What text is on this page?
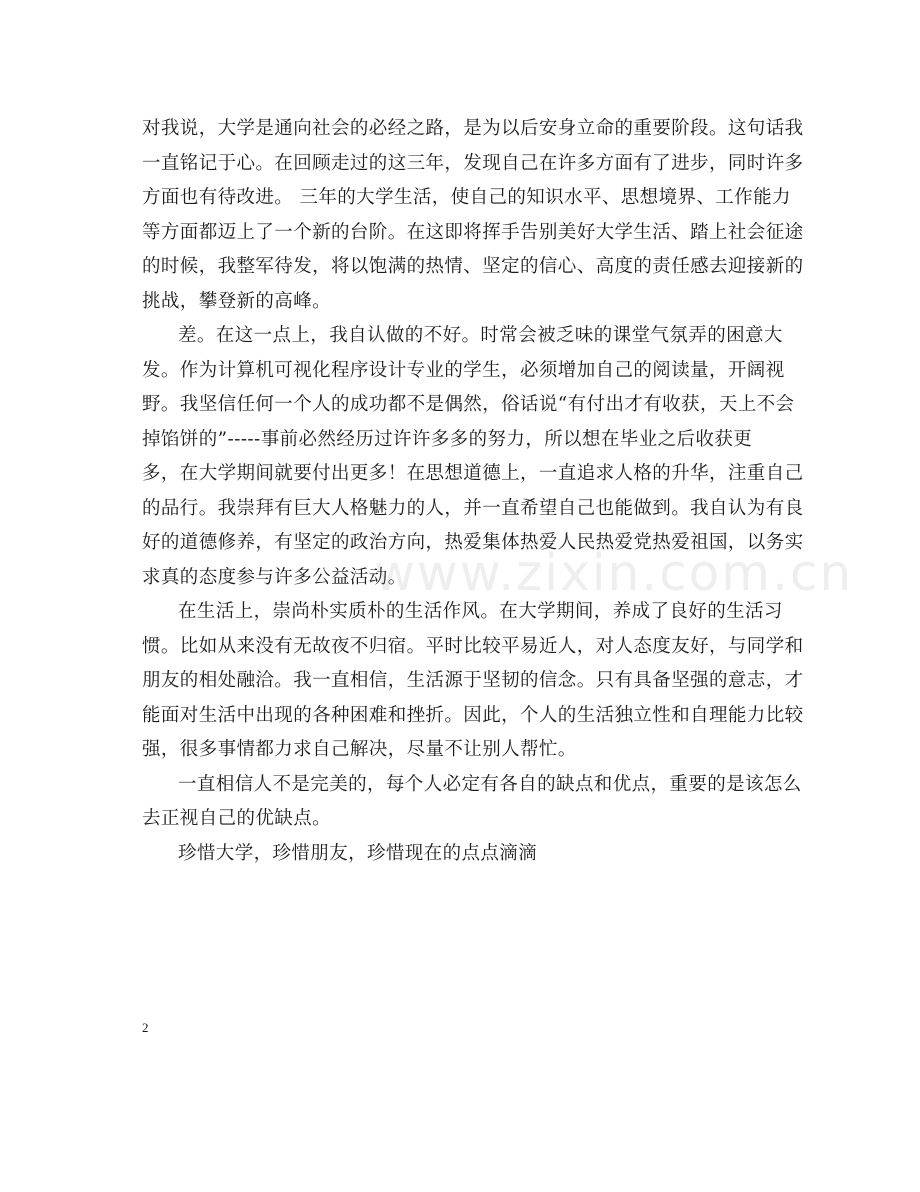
对我说，大学是通向社会的必经之路，是为以后安身立命的重要阶段。这句话我
一直铭记于心。在回顾走过的这三年，发现自己在许多方面有了进步，同时许多
方面也有待改进。 三年的大学生活，使自己的知识水平、思想境界、工作能力
等方面都迈上了一个新的台阶。在这即将挥手告别美好大学生活、踏上社会征途
的时候，我整军待发，将以饱满的热情、坚定的信心、高度的责任感去迎接新的
挑战，攀登新的高峰。
差。在这一点上，我自认做的不好。时常会被乏味的课堂气氛弄的困意大
发。作为计算机可视化程序设计专业的学生，必须增加自己的阅读量，开阔视
野。我坚信任何一个人的成功都不是偶然，俗话说“有付出才有收获，天上不会
掉馅饼的”-----事前必然经历过许许多多的努力，所以想在毕业之后收获更
多，在大学期间就要付出更多！在思想道德上，一直追求人格的升华，注重自己
的品行。我崇拜有巨大人格魅力的人，并一直希望自己也能做到。我自认为有良
好的道德修养，有坚定的政治方向，热爱集体热爱人民热爱党热爱祖国，以务实
求真的态度参与许多公益活动。
在生活上，崇尚朴实质朴的生活作风。在大学期间，养成了良好的生活习
惯。比如从来没有无故夜不归宿。平时比较平易近人，对人态度友好，与同学和
朋友的相处融洽。我一直相信，生活源于坚韧的信念。只有具备坚强的意志，才
能面对生活中出现的各种困难和挫折。因此，个人的生活独立性和自理能力比较
强，很多事情都力求自己解决，尽量不让别人帮忙。
一直相信人不是完美的，每个人必定有各自的缺点和优点，重要的是该怎么
去正视自己的优缺点。
珍惜大学，珍惜朋友，珍惜现在的点点滴滴
www.zixin.com.cn
2
